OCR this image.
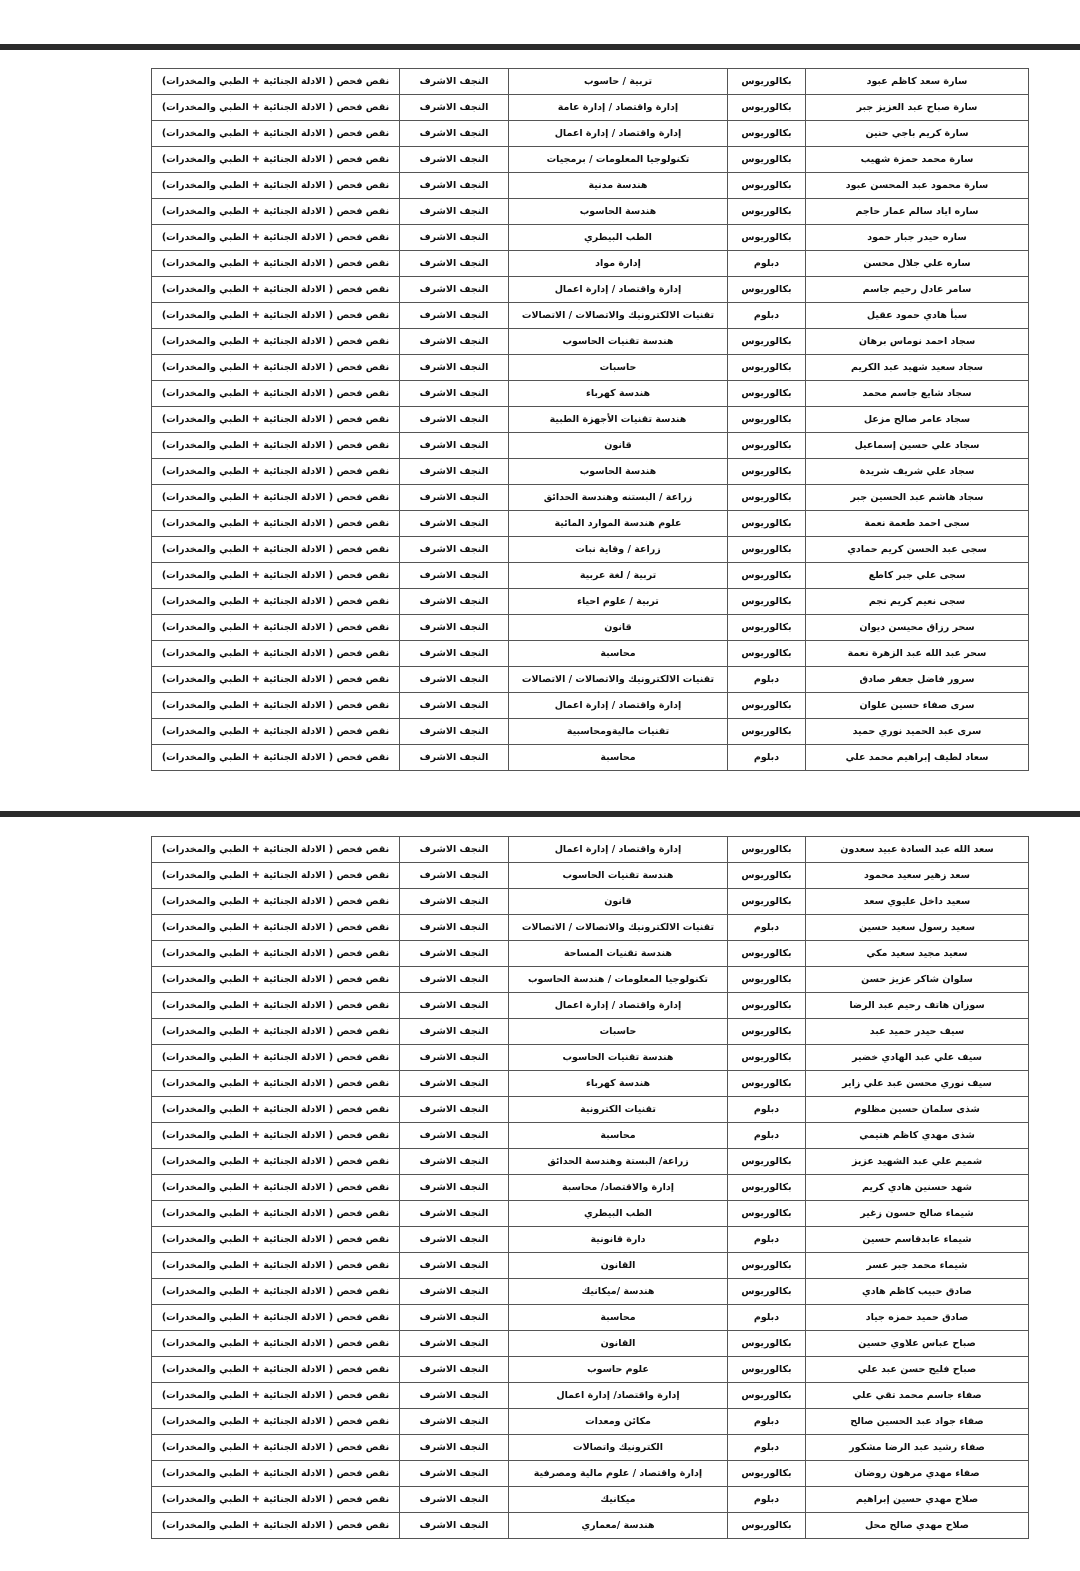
سارة سعد كاظم عبود	بكالوريوس	تربية / حاسوب	النجف الاشرف	نقص فحص ( الادلة الجنائية + الطبي والمخدرات)
سارة صباح عبد العزيز جبر	بكالوريوس	إدارة واقتصاد / إدارة عامة	النجف الاشرف	نقص فحص ( الادلة الجنائية + الطبي والمخدرات)
سارة كريم باجي حنين	بكالوريوس	إدارة واقتصاد / إدارة اعمال	النجف الاشرف	نقص فحص ( الادلة الجنائية + الطبي والمخدرات)
سارة محمد حمزة شهيب	بكالوريوس	تكنولوجيا المعلومات / برمجيات	النجف الاشرف	نقص فحص ( الادلة الجنائية + الطبي والمخدرات)
سارة محمود عبد المحسن عبود	بكالوريوس	هندسة مدنية	النجف الاشرف	نقص فحص ( الادلة الجنائية + الطبي والمخدرات)
ساره اياد سالم عمار حاجم	بكالوريوس	هندسة الحاسوب	النجف الاشرف	نقص فحص ( الادلة الجنائية + الطبي والمخدرات)
ساره حيدر جبار حمود	بكالوريوس	الطب البيطري	النجف الاشرف	نقص فحص ( الادلة الجنائية + الطبي والمخدرات)
ساره علي جلال محسن	دبلوم	إدارة مواد	النجف الاشرف	نقص فحص ( الادلة الجنائية + الطبي والمخدرات)
سامر عادل رحيم جاسم	بكالوريوس	إدارة واقتصاد / إدارة اعمال	النجف الاشرف	نقص فحص ( الادلة الجنائية + الطبي والمخدرات)
سبأ هادي حمود عقيل	دبلوم	تقنيات الالكترونيك والاتصالات / الاتصالات	النجف الاشرف	نقص فحص ( الادلة الجنائية + الطبي والمخدرات)
سجاد احمد نوماس برهان	بكالوريوس	هندسة تقنيات الحاسوب	النجف الاشرف	نقص فحص ( الادلة الجنائية + الطبي والمخدرات)
سجاد سعيد شهيد عبد الكريم	بكالوريوس	حاسبات	النجف الاشرف	نقص فحص ( الادلة الجنائية + الطبي والمخدرات)
سجاد شايع جاسم محمد	بكالوريوس	هندسة كهرباء	النجف الاشرف	نقص فحص ( الادلة الجنائية + الطبي والمخدرات)
سجاد عامر صالح مزعل	بكالوريوس	هندسة تقنيات الأجهزة الطبية	النجف الاشرف	نقص فحص ( الادلة الجنائية + الطبي والمخدرات)
سجاد علي حسين إسماعيل	بكالوريوس	قانون	النجف الاشرف	نقص فحص ( الادلة الجنائية + الطبي والمخدرات)
سجاد علي شريف شريدة	بكالوريوس	هندسة الحاسوب	النجف الاشرف	نقص فحص ( الادلة الجنائية + الطبي والمخدرات)
سجاد هاشم عبد الحسين جبر	بكالوريوس	زراعة / البستنه وهندسة الحدائق	النجف الاشرف	نقص فحص ( الادلة الجنائية + الطبي والمخدرات)
سجى احمد طعمة نعمة	بكالوريوس	علوم هندسة الموارد المائية	النجف الاشرف	نقص فحص ( الادلة الجنائية + الطبي والمخدرات)
سجى عبد الحسن كريم حمادي	بكالوريوس	زراعة / وقاية نبات	النجف الاشرف	نقص فحص ( الادلة الجنائية + الطبي والمخدرات)
سجى علي جبر كاطع	بكالوريوس	تربية / لغة عربية	النجف الاشرف	نقص فحص ( الادلة الجنائية + الطبي والمخدرات)
سجى نعيم كريم نجم	بكالوريوس	تربية / علوم احياء	النجف الاشرف	نقص فحص ( الادلة الجنائية + الطبي والمخدرات)
سحر رزاق محيسن ديوان	بكالوريوس	قانون	النجف الاشرف	نقص فحص ( الادلة الجنائية + الطبي والمخدرات)
سحر عبد الله عبد الزهرة نعمة	بكالوريوس	محاسبة	النجف الاشرف	نقص فحص ( الادلة الجنائية + الطبي والمخدرات)
سرور فاضل جعفر صادق	دبلوم	تقنيات الالكترونيك والاتصالات / الاتصالات	النجف الاشرف	نقص فحص ( الادلة الجنائية + الطبي والمخدرات)
سرى صفاء حسين علوان	بكالوريوس	إدارة واقتصاد / إدارة اعمال	النجف الاشرف	نقص فحص ( الادلة الجنائية + الطبي والمخدرات)
سرى عبد الحميد نوري حميد	بكالوريوس	تقنيات ماليةومحاسبية	النجف الاشرف	نقص فحص ( الادلة الجنائية + الطبي والمخدرات)
سعاد لطيف إبراهيم محمد علي	دبلوم	محاسبة	النجف الاشرف	نقص فحص ( الادلة الجنائية + الطبي والمخدرات)
سعد الله عبد السادة عبيد سعدون	بكالوريوس	إدارة واقتصاد / إدارة اعمال	النجف الاشرف	نقص فحص ( الادلة الجنائية + الطبي والمخدرات)
سعد زهير سعيد محمود	بكالوريوس	هندسة تقنيات الحاسوب	النجف الاشرف	نقص فحص ( الادلة الجنائية + الطبي والمخدرات)
سعيد داخل عليوي سعد	بكالوريوس	قانون	النجف الاشرف	نقص فحص ( الادلة الجنائية + الطبي والمخدرات)
سعيد رسول سعيد حسين	دبلوم	تقنيات الالكترونيك والاتصالات / الاتصالات	النجف الاشرف	نقص فحص ( الادلة الجنائية + الطبي والمخدرات)
سعيد مجيد سعيد مكي	بكالوريوس	هندسة تقنيات المساحة	النجف الاشرف	نقص فحص ( الادلة الجنائية + الطبي والمخدرات)
سلوان شاكر عزيز حسن	بكالوريوس	تكنولوجيا المعلومات / هندسة الحاسوب	النجف الاشرف	نقص فحص ( الادلة الجنائية + الطبي والمخدرات)
سوزان هاتف رحيم عبد الرضا	بكالوريوس	إدارة واقتصاد / إدارة اعمال	النجف الاشرف	نقص فحص ( الادلة الجنائية + الطبي والمخدرات)
سيف حيدر حميد عبد	بكالوريوس	حاسبات	النجف الاشرف	نقص فحص ( الادلة الجنائية + الطبي والمخدرات)
سيف علي عبد الهادي خضير	بكالوريوس	هندسة تقنيات الحاسوب	النجف الاشرف	نقص فحص ( الادلة الجنائية + الطبي والمخدرات)
سيف نوري محسن عبد علي زاير	بكالوريوس	هندسة كهرباء	النجف الاشرف	نقص فحص ( الادلة الجنائية + الطبي والمخدرات)
شذى سلمان حسين مظلوم	دبلوم	تقنيات الكترونية	النجف الاشرف	نقص فحص ( الادلة الجنائية + الطبي والمخدرات)
شذى مهدي كاظم هتيمي	دبلوم	محاسبة	النجف الاشرف	نقص فحص ( الادلة الجنائية + الطبي والمخدرات)
شميم علي عبد الشهيد عزيز	بكالوريوس	زراعة/ البستة وهندسة الحدائق	النجف الاشرف	نقص فحص ( الادلة الجنائية + الطبي والمخدرات)
شهد حسنين هادي كريم	بكالوريوس	إدارة والاقتصاد/ محاسبة	النجف الاشرف	نقص فحص ( الادلة الجنائية + الطبي والمخدرات)
شيماء صالح حسون زغير	بكالوريوس	الطب البيطري	النجف الاشرف	نقص فحص ( الادلة الجنائية + الطبي والمخدرات)
شيماء عابدقاسم حسين	دبلوم	دارة قانونية	النجف الاشرف	نقص فحص ( الادلة الجنائية + الطبي والمخدرات)
شيماء محمد جبر عسر	بكالوريوس	القانون	النجف الاشرف	نقص فحص ( الادلة الجنائية + الطبي والمخدرات)
صادق حبيب كاظم هادي	بكالوريوس	هندسة /ميكانيك	النجف الاشرف	نقص فحص ( الادلة الجنائية + الطبي والمخدرات)
صادق حميد حمزه جياد	دبلوم	محاسبة	النجف الاشرف	نقص فحص ( الادلة الجنائية + الطبي والمخدرات)
صباح عباس علاوي حسين	بكالوريوس	القانون	النجف الاشرف	نقص فحص ( الادلة الجنائية + الطبي والمخدرات)
صباح فليح حسن عبد علي	بكالوريوس	علوم حاسوب	النجف الاشرف	نقص فحص ( الادلة الجنائية + الطبي والمخدرات)
صفاء جاسم محمد تقي علي	بكالوريوس	إدارة واقتصاد/ إدارة اعمال	النجف الاشرف	نقص فحص ( الادلة الجنائية + الطبي والمخدرات)
صفاء جواد عبد الحسين صالح	دبلوم	مكائن ومعدات	النجف الاشرف	نقص فحص ( الادلة الجنائية + الطبي والمخدرات)
صفاء رشيد عبد الرضا مشكور	دبلوم	الكترونيك واتصالات	النجف الاشرف	نقص فحص ( الادلة الجنائية + الطبي والمخدرات)
صفاء مهدي مرهون روضان	بكالوريوس	إدارة واقتصاد / علوم مالية ومصرفية	النجف الاشرف	نقص فحص ( الادلة الجنائية + الطبي والمخدرات)
صلاح مهدي حسين إبراهيم	دبلوم	ميكانيك	النجف الاشرف	نقص فحص ( الادلة الجنائية + الطبي والمخدرات)
صلاح مهدي صالح محل	بكالوريوس	هندسة /معماري	النجف الاشرف	نقص فحص ( الادلة الجنائية + الطبي والمخدرات)
